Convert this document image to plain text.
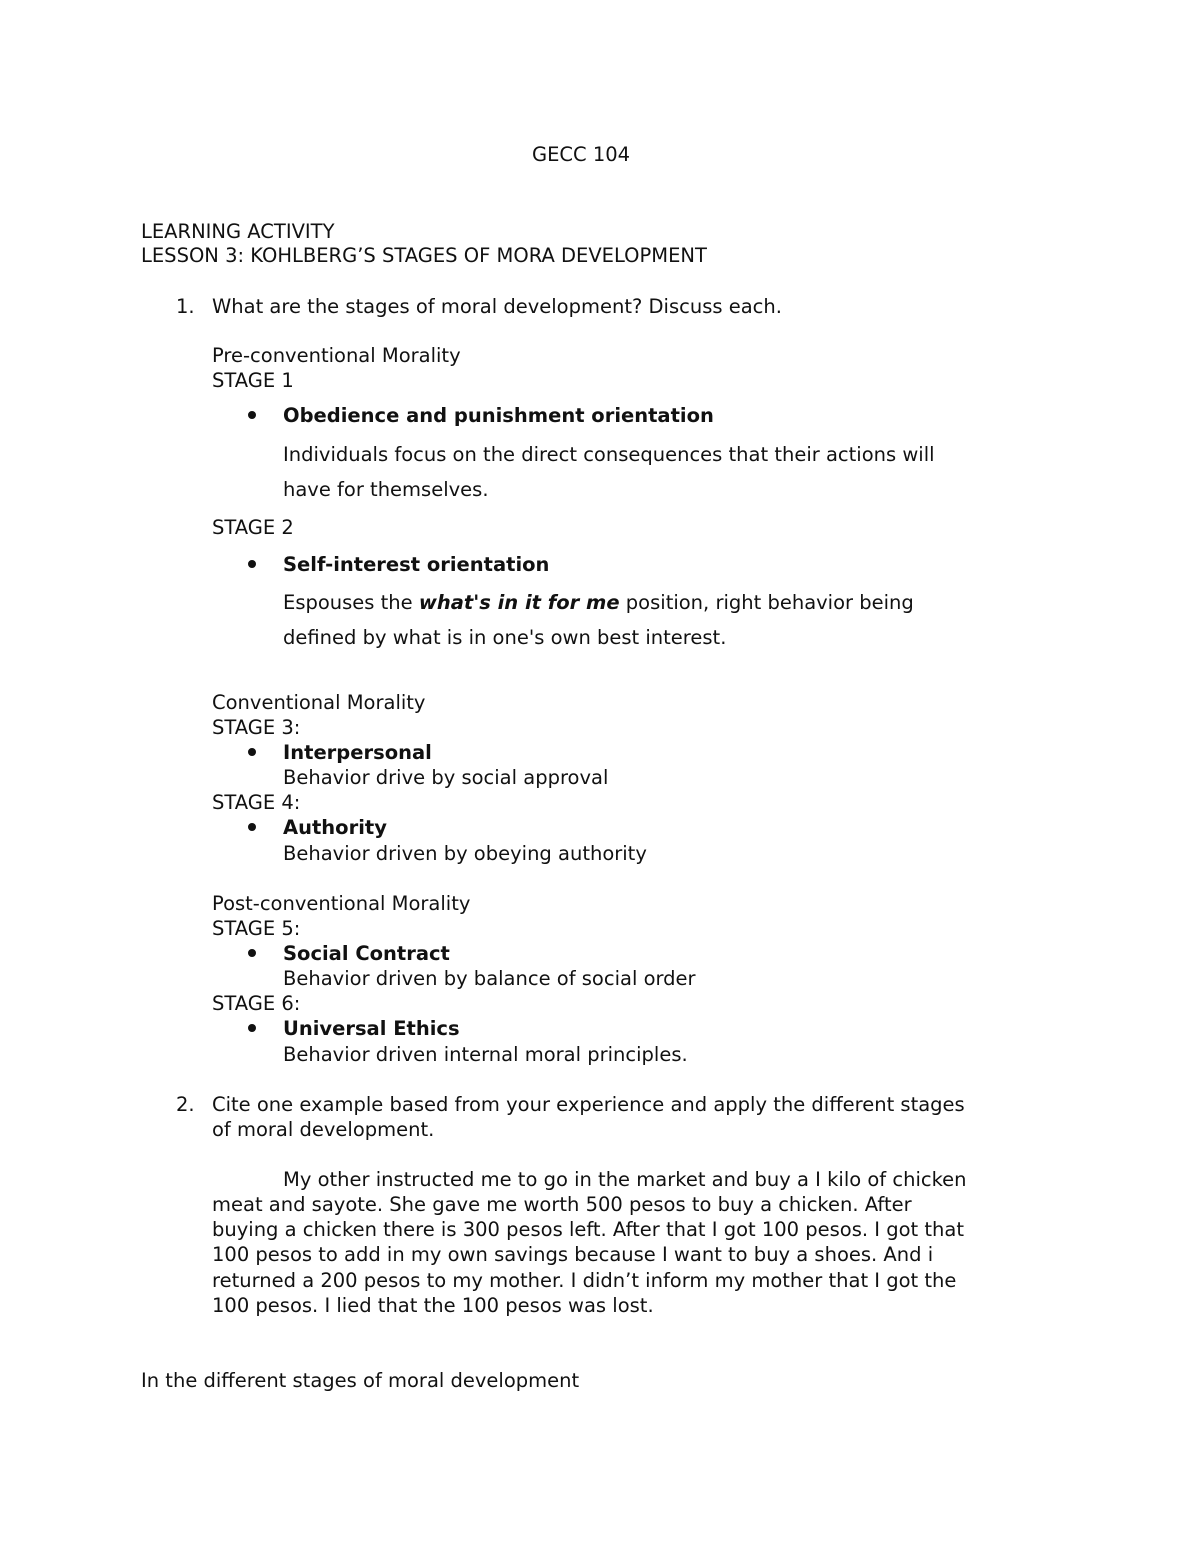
GECC 104

LEARNING ACTIVITY

LESSON 3: KOHLBERG’S STAGES OF MORA DEVELOPMENT

1. What are the stages of moral development? Discuss each.

Pre-conventional Morality

STAGE 1

Obedience and punishment orientation

Individuals focus on the direct consequences that their actions will

have for themselves.

STAGE 2

Self-interest orientation

Espouses the what's in it for me position, right behavior being

defined by what is in one's own best interest.

Conventional Morality

STAGE 3:

Interpersonal

Behavior drive by social approval

STAGE 4:

Authority

Behavior driven by obeying authority

Post-conventional Morality

STAGE 5:

Social Contract

Behavior driven by balance of social order

STAGE 6:

Universal Ethics

Behavior driven internal moral principles.

2. Cite one example based from your experience and apply the different stages

of moral development.

My other instructed me to go in the market and buy a I kilo of chicken

meat and sayote. She gave me worth 500 pesos to buy a chicken. After

buying a chicken there is 300 pesos left. After that I got 100 pesos. I got that

100 pesos to add in my own savings because I want to buy a shoes. And i

returned a 200 pesos to my mother. I didn’t inform my mother that I got the

100 pesos. I lied that the 100 pesos was lost.

In the different stages of moral development
